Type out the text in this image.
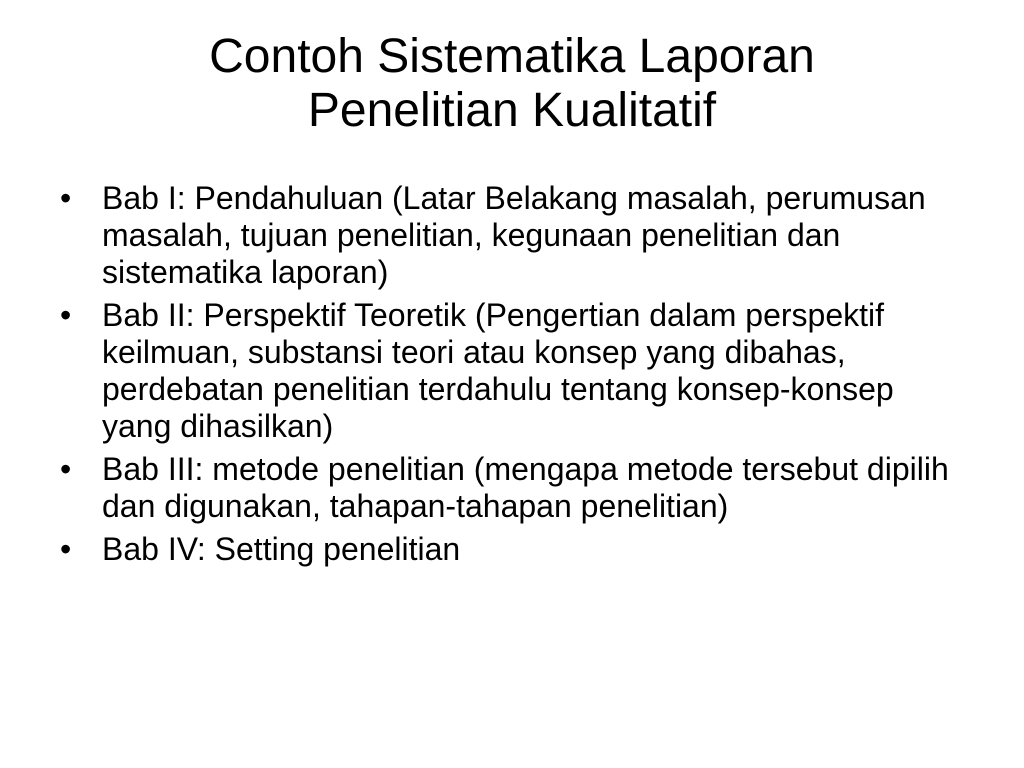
Contoh Sistematika Laporan
Penelitian Kualitatif
• Bab I: Pendahuluan (Latar Belakang masalah, perumusan masalah, tujuan penelitian, kegunaan penelitian dan sistematika laporan)
• Bab II: Perspektif Teoretik (Pengertian dalam perspektif keilmuan, substansi teori atau konsep yang dibahas, perdebatan penelitian terdahulu tentang konsep-konsep yang dihasilkan)
• Bab III: metode penelitian (mengapa metode tersebut dipilih dan digunakan, tahapan-tahapan penelitian)
• Bab IV: Setting penelitian
